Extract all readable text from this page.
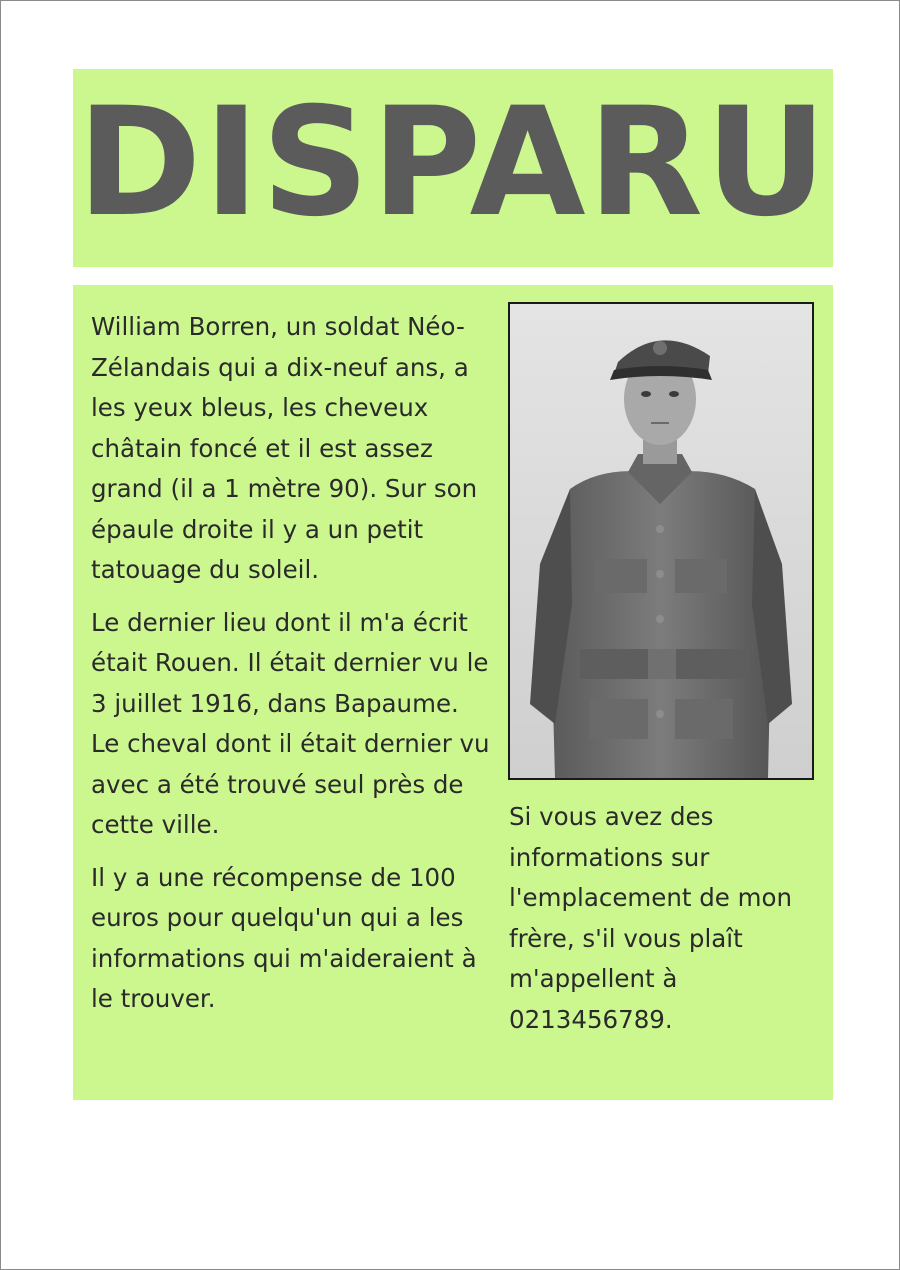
DISPARU

William Borren, un soldat Néo-Zélandais qui a dix-neuf ans, a les yeux bleus, les cheveux châtain foncé et il est assez grand (il a 1 mètre 90). Sur son épaule droite il y a un petit tatouage du soleil.

Le dernier lieu dont il m'a écrit était Rouen. Il était dernier vu le 3 juillet 1916, dans Bapaume. Le cheval dont il était dernier vu avec a été trouvé seul près de cette ville.

Il y a une récompense de 100 euros pour quelqu'un qui a les informations qui m'aideraient à le trouver.

Si vous avez des informations sur l'emplacement de mon frère, s'il vous plaît m'appellent à 0213456789.
